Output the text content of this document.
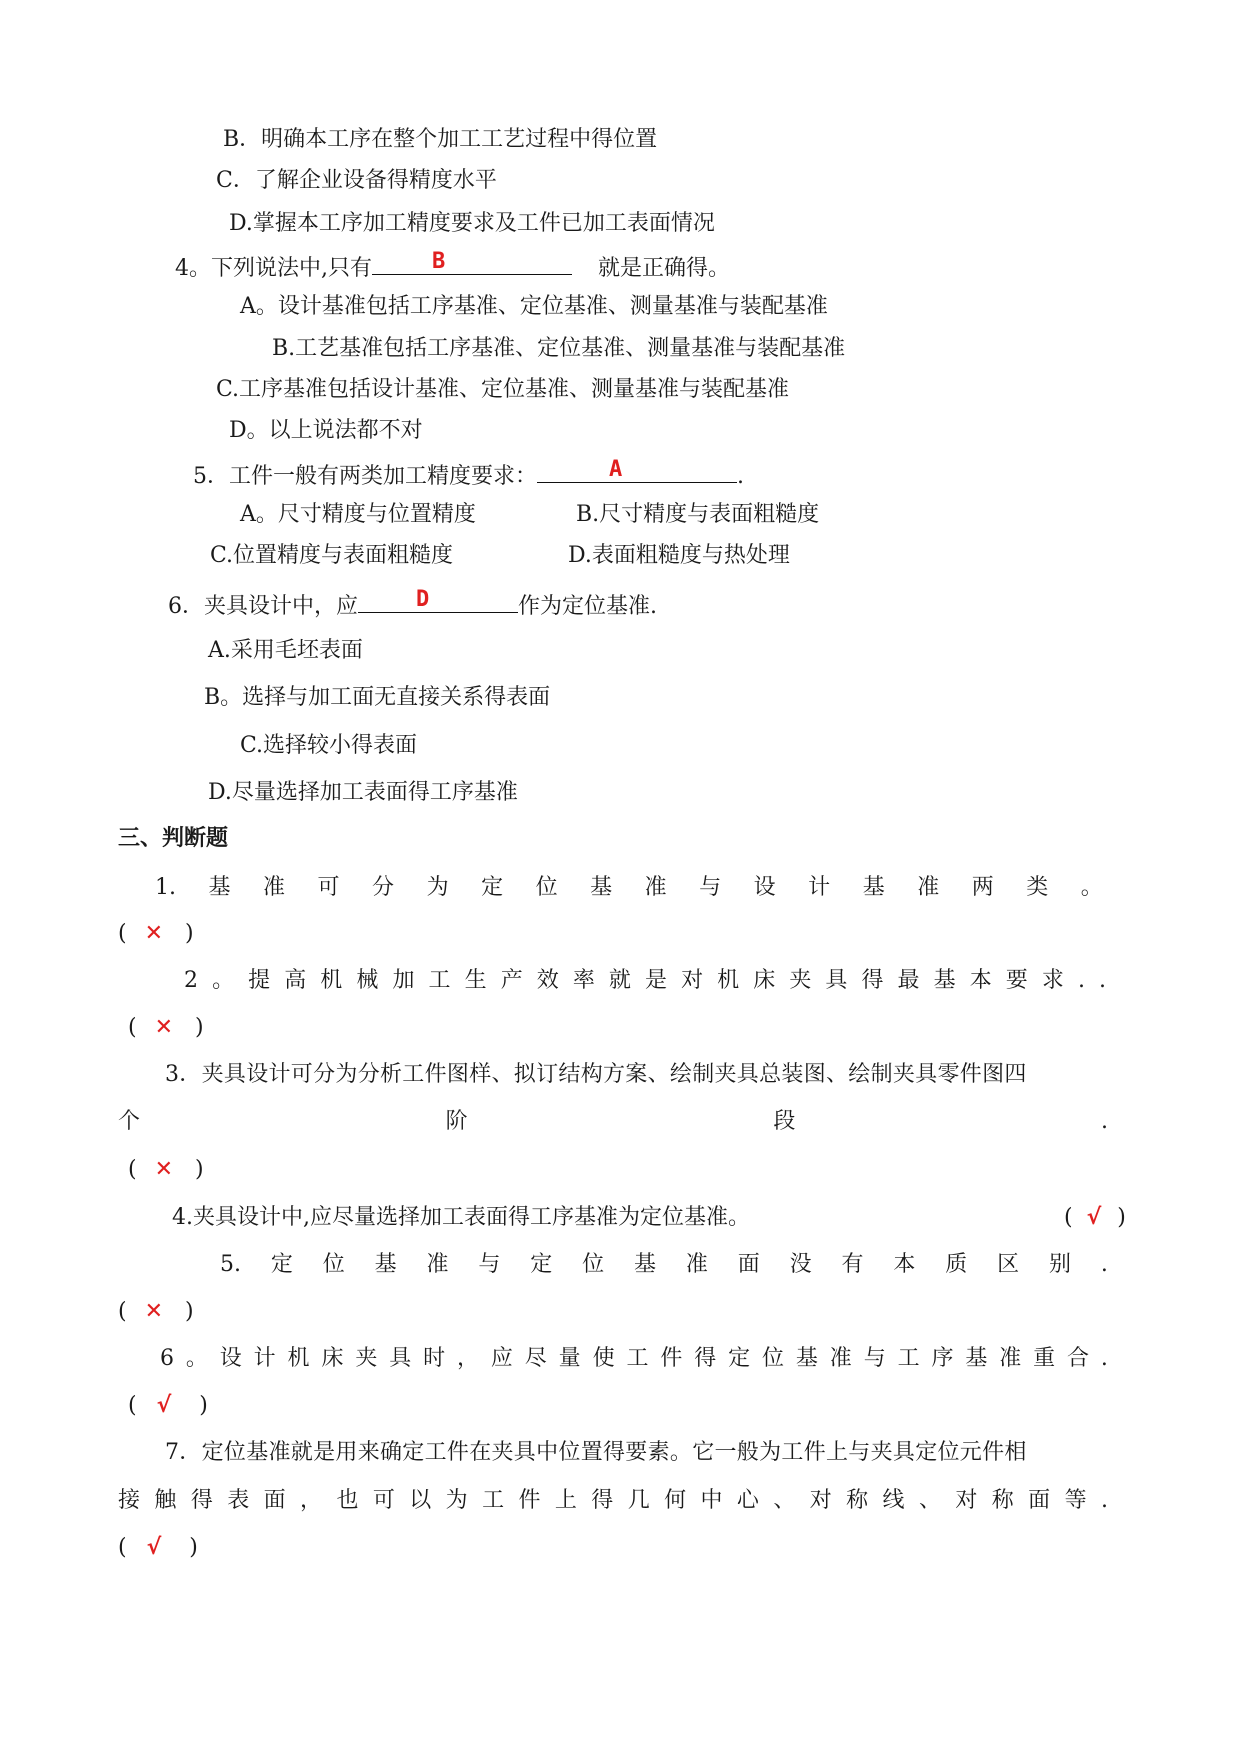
B．明确本工序在整个加工工艺过程中得位置
C．了解企业设备得精度水平
D.掌握本工序加工精度要求及工件已加工表面情况
4。下列说法中,只有	B	就是正确得。
A。设计基准包括工序基准、定位基准、测量基准与装配基准
B.工艺基准包括工序基准、定位基准、测量基准与装配基准
C.工序基准包括设计基准、定位基准、测量基准与装配基准
D。以上说法都不对
5．工件一般有两类加工精度要求：	A	.
A。尺寸精度与位置精度	B.尺寸精度与表面粗糙度
C.位置精度与表面粗糙度	D.表面粗糙度与热处理
6．夹具设计中，应	D	作为定位基准.
A.采用毛坯表面
B。选择与加工面无直接关系得表面
C.选择较小得表面
D.尽量选择加工表面得工序基准
三、判断题
1. 基 准 可 分 为 定 位 基 准 与 设 计 基 准 两 类 。
( ✕ )
2 。 提 高 机 械 加 工 生 产 效 率 就 是 对 机 床 夹 具 得 最 基 本 要 求 . .
( ✕ )
3．夹具设计可分为分析工件图样、拟订结构方案、绘制夹具总装图、绘制夹具零件图四
个	阶	段	.
( ✕ )
4.夹具设计中,应尽量选择加工表面得工序基准为定位基准。	( √ )
5. 定 位 基 准 与 定 位 基 准 面 没 有 本 质 区 别 .
( ✕ )
6 。 设 计 机 床 夹 具 时 ， 应 尽 量 使 工 件 得 定 位 基 准 与 工 序 基 准 重 合 .
( √ )
7．定位基准就是用来确定工件在夹具中位置得要素。它一般为工件上与夹具定位元件相
接 触 得 表 面 ， 也 可 以 为 工 件 上 得 几 何 中 心 、 对 称 线 、 对 称 面 等 .
( √ )
